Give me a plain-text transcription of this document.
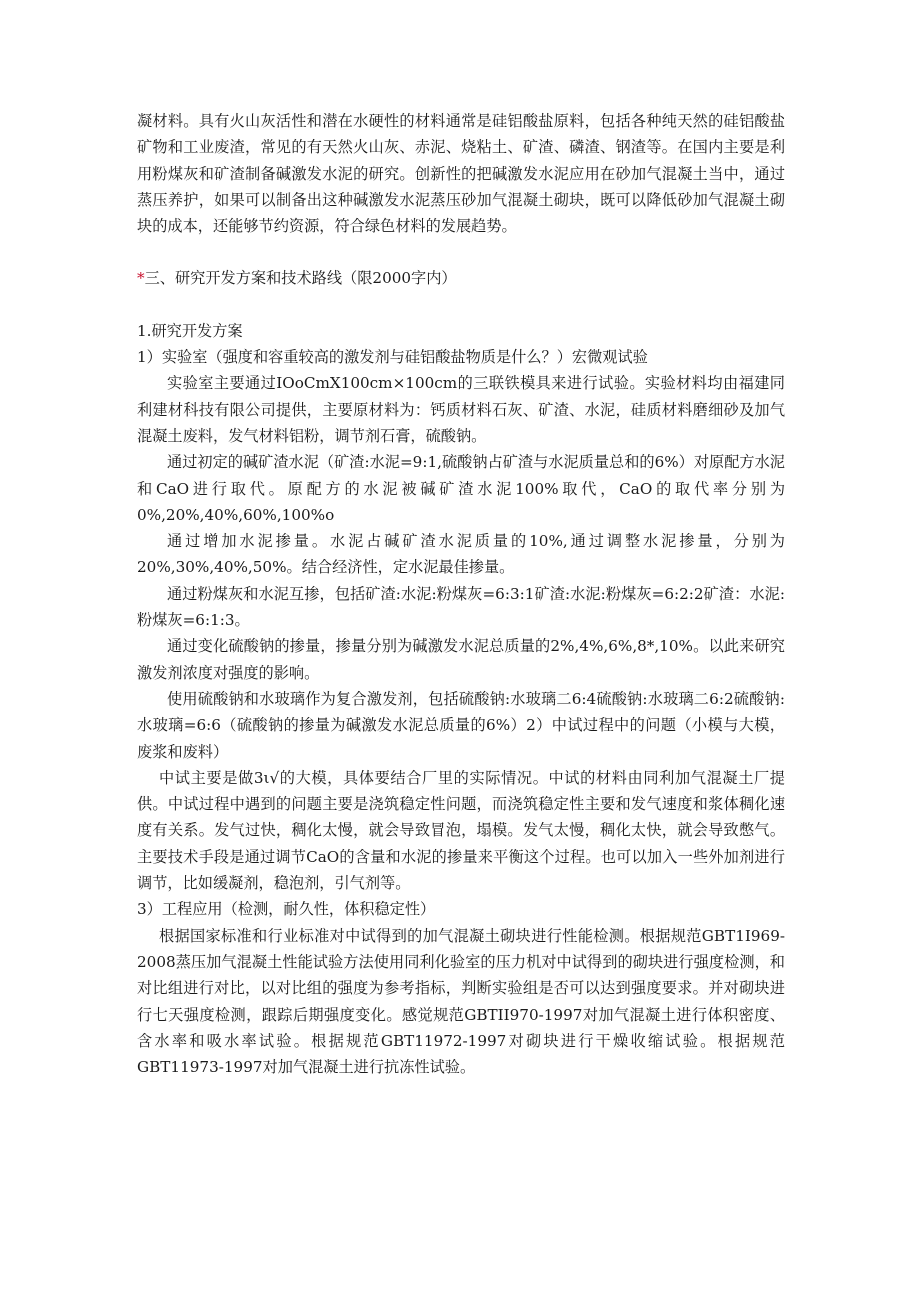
凝材料。具有火山灰活性和潜在水硬性的材料通常是硅铝酸盐原料，包括各种纯天然的硅铝酸盐矿物和工业废渣，常见的有天然火山灰、赤泥、烧粘土、矿渣、磷渣、钢渣等。在国内主要是利用粉煤灰和矿渣制备碱激发水泥的研究。创新性的把碱激发水泥应用在砂加气混凝土当中，通过蒸压养护，如果可以制备出这种碱激发水泥蒸压砂加气混凝土砌块，既可以降低砂加气混凝土砌块的成本，还能够节约资源，符合绿色材料的发展趋势。

*三、研究开发方案和技术路线（限2000字内）

1.研究开发方案

1）实验室（强度和容重较高的激发剂与硅铝酸盐物质是什么？）宏微观试验

实验室主要通过IOoCmX100cm×100cm的三联铁模具来进行试验。实验材料均由福建同利建材科技有限公司提供，主要原材料为：钙质材料石灰、矿渣、水泥，硅质材料磨细砂及加气混凝土废料，发气材料铝粉，调节剂石膏，硫酸钠。

通过初定的碱矿渣水泥（矿渣:水泥=9:1,硫酸钠占矿渣与水泥质量总和的6%）对原配方水泥和CaO进行取代。原配方的水泥被碱矿渣水泥100%取代，CaO的取代率分别为0%,20%,40%,60%,100%o

通过增加水泥掺量。水泥占碱矿渣水泥质量的10%,通过调整水泥掺量，分别为20%,30%,40%,50%。结合经济性，定水泥最佳掺量。

通过粉煤灰和水泥互掺，包括矿渣:水泥:粉煤灰=6:3:1矿渣:水泥:粉煤灰=6:2:2矿渣：水泥:粉煤灰=6:1:3。

通过变化硫酸钠的掺量，掺量分别为碱激发水泥总质量的2%,4%,6%,8*,10%。以此来研究激发剂浓度对强度的影响。

使用硫酸钠和水玻璃作为复合激发剂，包括硫酸钠:水玻璃二6:4硫酸钠:水玻璃二6:2硫酸钠:水玻璃=6:6（硫酸钠的掺量为碱激发水泥总质量的6%）2）中试过程中的问题（小模与大模，废浆和废料）

中试主要是做3ι√的大模，具体要结合厂里的实际情况。中试的材料由同利加气混凝土厂提供。中试过程中遇到的问题主要是浇筑稳定性问题，而浇筑稳定性主要和发气速度和浆体稠化速度有关系。发气过快，稠化太慢，就会导致冒泡，塌模。发气太慢，稠化太快，就会导致憋气。主要技术手段是通过调节CaO的含量和水泥的掺量来平衡这个过程。也可以加入一些外加剂进行调节，比如缓凝剂，稳泡剂，引气剂等。

3）工程应用（检测，耐久性，体积稳定性）

根据国家标准和行业标准对中试得到的加气混凝土砌块进行性能检测。根据规范GBT1I969-2008蒸压加气混凝土性能试验方法使用同利化验室的压力机对中试得到的砌块进行强度检测，和对比组进行对比，以对比组的强度为参考指标，判断实验组是否可以达到强度要求。并对砌块进行七天强度检测，跟踪后期强度变化。感觉规范GBTII970-1997对加气混凝土进行体积密度、含水率和吸水率试验。根据规范GBT11972-1997对砌块进行干燥收缩试验。根据规范GBT11973-1997对加气混凝土进行抗冻性试验。
